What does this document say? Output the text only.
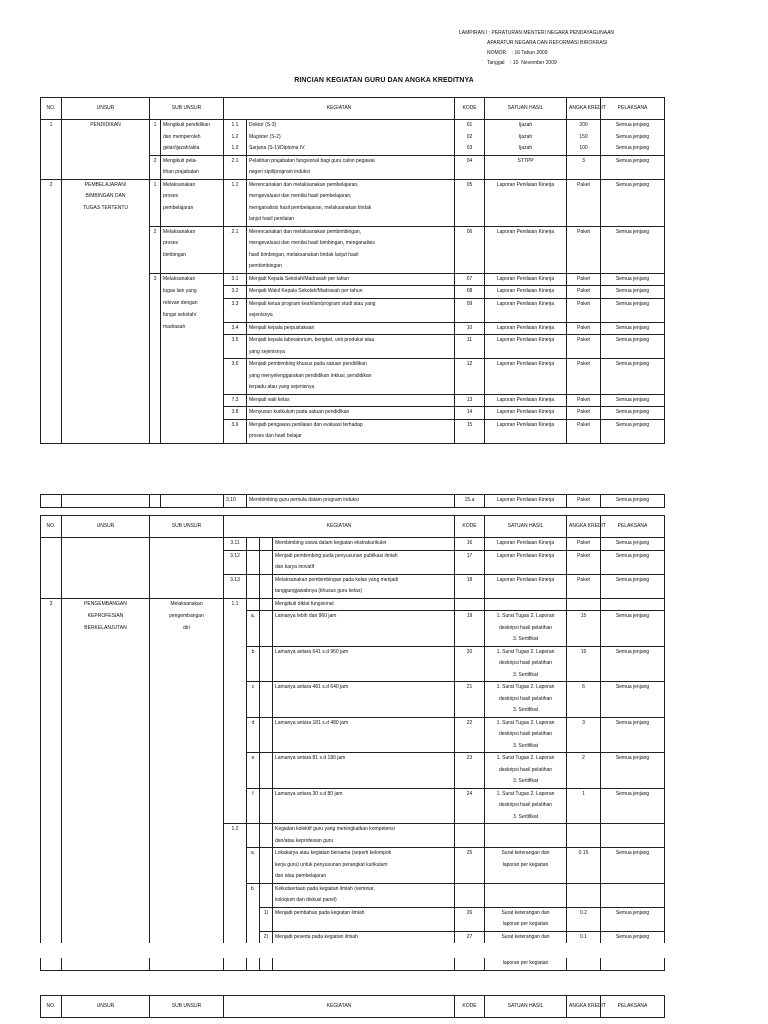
LAMPIRAN I : PERATURAN MENTERI NEGARA PENDAYAGUNAAN
APARATUR NEGARA DAN REFORMASI BIROKRASI
NOMOR    : 16 Tahun 2009
Tanggal    : 10  November 2009
RINCIAN KEGIATAN GURU DAN ANGKA KREDITNYA
NO.	UNSUR	SUB UNSUR	KEGIATAN	KODE	SATUAN HASIL	ANGKA KREDIT	PELAKSANA
1	PENDIDIKAN	1	Mengikuti pendidikan	1.1	Doktor (S-3)	01	Ijazah	200	Semua jenjang
			dan memperoleh	1.2	Magister (S-2)	02	Ijazah	150	Semua jenjang
			gelar/ijazah/akta	1.3	Sarjana (S-1)/Diploma IV	03	Ijazah	100	Semua jenjang
		2	Mengikuti pela-	2.1	Pelatihan prajabatan fungsional bagi guru calon pegawai	04	STTPP	3	Semua jenjang
			tihan prajabatan		negeri sipil/program induksi				
2	PEMBELAJARAN/	1	Melaksanakan	1.1	Merencanakan dan melaksanakan pembelajaran,	05	Laporan Penilaian Kinerja	Paket	Semua jenjang
	BIMBINGAN DAN		proses		mengevaluasi dan menilai hasil pembelajaran,				
	TUGAS TERTENTU		pembelajaran		menganalisis hasil pembelajaran, melaksanakan tindak				
					lanjut hasil penilaian				
		2	Melaksanakan	2.1	Merencanakan dan melaksanakan pembimbingan,	06	Laporan Penilaian Kinerja	Paket	Semua jenjang
			proses		mengevaluasi dan menilai hasil bimbingan, menganalisis				
			bimbingan		hasil bimbingan, melaksanakan tindak lanjut hasil				
					pembimbingan				
		3	Melaksanakan	3.1	Menjadi Kepala Sekolah/Madrasah per tahun	07	Laporan Penilaian Kinerja	Paket	Semua jenjang
			tugas lain yang	3.2	Menjadi Wakil Kepala Sekolah/Madrasah per tahun	08	Laporan Penilaian Kinerja	Paket	Semua jenjang
			relevan dengan	3.3	Menjadi ketua program keahlian/program studi atau yang	09	Laporan Penilaian Kinerja	Paket	Semua jenjang
			fungsi sekolah/		sejenisnya				
			madrasah	3.4	Menjadi kepala perpustakaan	10	Laporan Penilaian Kinerja	Paket	Semua jenjang
				3.5	Menjadi kepala laboratorium, bengkel, unit produksi atau	11	Laporan Penilaian Kinerja	Paket	Semua jenjang
					yang sejenisnya				
				3.6	Menjadi pembimbing khusus pada satuan pendidikan	12	Laporan Penilaian Kinerja	Paket	Semua jenjang
					yang menyelenggarakan pendidikan inklusi, pendidikan				
					terpadu atau yang sejenisnya				
				7.3	Menjadi wali kelas	13	Laporan Penilaian Kinerja	Paket	Semua jenjang
				3.8	Menyusun kurikulum pada satuan pendidikan	14	Laporan Penilaian Kinerja	Paket	Semua jenjang
				3.9	Menjadi pengawas penilaian dan evaluasi terhadap	15	Laporan Penilaian Kinerja	Paket	Semua jenjang
					proses dan hasil belajar				
				3.10	Membimbing guru pemula dalam program induksi	15.a	Laporan Penilaian Kinerja	Paket	Semua jenjang
NO.	UNSUR	SUB UNSUR	KEGIATAN	KODE	SATUAN HASIL	ANGKA KREDIT	PELAKSANA
			3.11			Membimbing siswa dalam kegiatan ekstrakurikuler	16	Laporan Penilaian Kinerja	Paket	Semua jenjang
			3.12			Menjadi pembimbing pada penyusunan publikasi ilmiah	17	Laporan Penilaian Kinerja	Paket	Semua jenjang
						dan karya inovatif				
			3.13			Melaksanakan pembimbingan pada kelas yang menjadi	18	Laporan Penilaian Kinerja	Paket	Semua jenjang
						tanggungjawabnya (khusus guru kelas)				
3	PENGEMBANGAN	Melaksanakan	1.1			Mengikuti diklat fungsional				
	KEPROFESIAN	pengembangan		a.		Lamanya lebih dari 960 jam	19	1. Surat Tugas 2. Laporan	15	Semua jenjang
	BERKELANJUTAN	diri						deskripsi hasil pelatihan		
								3. Sertifikat		
				b		Lamanya antara 641 s.d 960 jam	20	1. Surat Tugas 2. Laporan	15	Semua jenjang
								deskripsi hasil pelatihan		
								3. Sertifikat		
				c		Lamanya antara 481 s.d 640 jam	21	1. Surat Tugas 2. Laporan	6	Semua jenjang
								deskripsi hasil pelatihan		
								3. Sertifikat		
				d		Lamanya antara 181 s.d 480 jam	22	1. Surat Tugas 2. Laporan	3	Semua jenjang
								deskripsi hasil pelatihan		
								3. Sertifikat		
				e		Lamanya antara 81 s.d 180 jam	23	1. Surat Tugas 2. Laporan	2	Semua jenjang
								deskripsi hasil pelatihan		
								3. Sertifikat		
				f		Lamanya antara 30 s.d 80 jam	24	1. Surat Tugas 2. Laporan	1	Semua jenjang
								deskripsi hasil pelatihan		
								3. Sertifikat		
			1.2			Kegiatan kolektif guru yang meningkatkan kompetensi				
						dan/atau keprofesian guru				
				a.		Lokakarya atau kegiatan bersama (seperti kelompok	25	Surat keterangan dan	0.15	Semua jenjang
						kerja guru) untuk penyusunan perangkat kurikulum		laporan per kegiatan		
						dan atau pembelajaran				
				b.		Keikutsertaan pada kegiatan ilmiah (seminar,				
						koloqium dan diskusi panel)				
					1)	Menjadi pembahas pada kegiatan ilmiah	26	Surat keterangan dan	0.2	Semua jenjang
								laporan per kegiatan		
					2)	Menjadi peserta pada kegiatan ilmiah	27	Surat keterangan dan	0.1	Semua jenjang
								laporan per kegiatan		
NO.	UNSUR	SUB UNSUR	KEGIATAN	KODE	SATUAN HASIL	ANGKA KREDIT	PELAKSANA
